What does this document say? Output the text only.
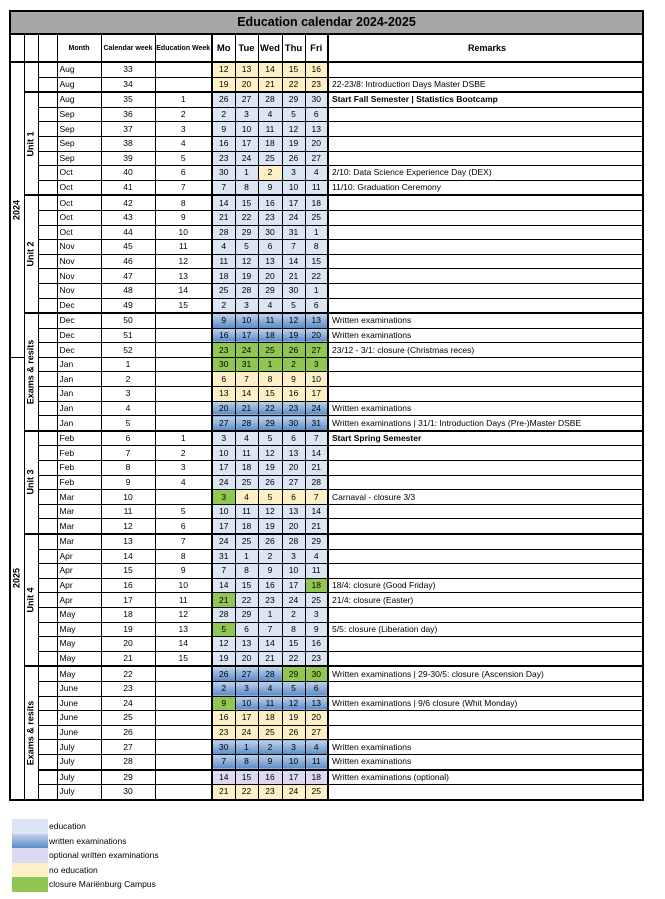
Education calendar 2024-2025											
			Month	Calendar week	Education Week	Mo	Tue	Wed	Thu	Fri	Remarks

2024			Aug	33		12	13	14	15	16	
			Aug	34		19	20	21	22	23	22-23/8: Introduction Days Master DSBE

	Unit 1		Aug	35	1	26	27	28	29	30	Start Fall Semester | Statistics Bootcamp
			Sep	36	2	2	3	4	5	6	
			Sep	37	3	9	10	11	12	13	
			Sep	38	4	16	17	18	19	20	
			Sep	39	5	23	24	25	26	27	
			Oct	40	6	30	1	2	3	4	2/10: Data Science Experience Day (DEX)
			Oct	41	7	7	8	9	10	11	11/10: Graduation Ceremony

	Unit 2		Oct	42	8	14	15	16	17	18	
			Oct	43	9	21	22	23	24	25	
			Oct	44	10	28	29	30	31	1	
			Nov	45	11	4	5	6	7	8	
			Nov	46	12	11	12	13	14	15	
			Nov	47	13	18	19	20	21	22	
			Nov	48	14	25	28	29	30	1	
			Dec	49	15	2	3	4	5	6	

	Exams & resits		Dec	50		9	10	11	12	13	Written examinations
			Dec	51		16	17	18	19	20	Written examinations
			Dec	52		23	24	25	26	27	23/12 - 3/1: closure (Christmas reces)

2025			Jan	1		30	31	1	2	3	
			Jan	2		6	7	8	9	10	
			Jan	3		13	14	15	16	17	
			Jan	4		20	21	22	23	24	Written examinations
			Jan	5		27	28	29	30	31	Written examinations | 31/1: Introduction Days (Pre-)Master DSBE

	Unit 3		Feb	6	1	3	4	5	6	7	Start Spring Semester
			Feb	7	2	10	11	12	13	14	
			Feb	8	3	17	18	19	20	21	
			Feb	9	4	24	25	26	27	28	
			Mar	10		3	4	5	6	7	Carnaval - closure 3/3
			Mar	11	5	10	11	12	13	14	
			Mar	12	6	17	18	19	20	21	

	Unit 4		Mar	13	7	24	25	26	28	29	
			Apr	14	8	31	1	2	3	4	
			Apr	15	9	7	8	9	10	11	
			Apr	16	10	14	15	16	17	18	18/4: closure (Good Friday)
			Apr	17	11	21	22	23	24	25	21/4: closure (Easter)
			May	18	12	28	29	1	2	3	
			May	19	13	5	6	7	8	9	5/5: closure (Liberation day)
			May	20	14	12	13	14	15	16	
			May	21	15	19	20	21	22	23	

	Exams & resits		May	22		26	27	28	29	30	Written examinations | 29-30/5: closure (Ascension Day)
			June	23		2	3	4	5	6	
			June	24		9	10	11	12	13	Written examinations | 9/6 closure (Whit Monday)
			June	25		16	17	18	19	20	
			June	26		23	24	25	26	27	
			July	27		30	1	2	3	4	Written examinations
			July	28		7	8	9	10	11	Written examinations
			July	29		14	15	16	17	18	Written examinations (optional)
			July	30		21	22	23	24	25	
education
written examinations
optional written examinations
no education
closure Mariënburg Campus
